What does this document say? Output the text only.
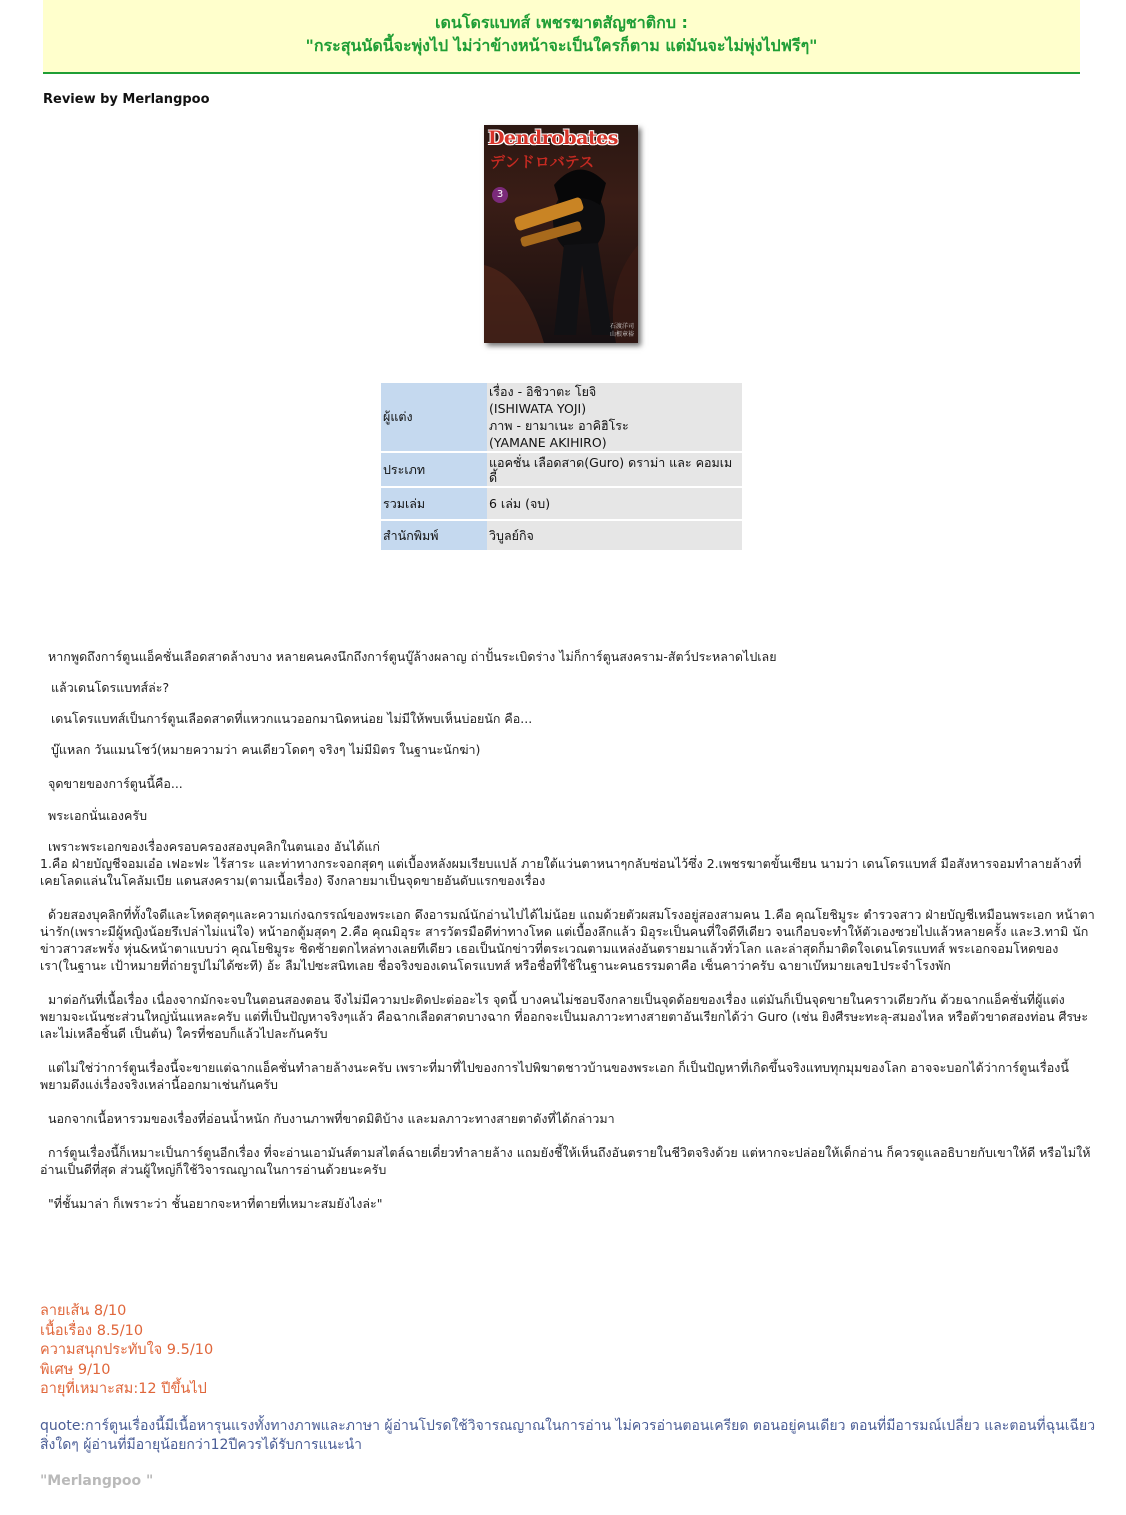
เดนโดรแบทส์ เพชรฆาตสัญชาติกบ :
"กระสุนนัดนี้จะพุ่งไป ไม่ว่าข้างหน้าจะเป็นใครก็ตาม แต่มันจะไม่พุ่งไปฟรีๆ"
Review by Merlangpoo
Dendrobates
デンドロバテス
3
石渡洋司
山根章裕
ผู้แต่ง	เรื่อง - อิชิวาตะ โยจิ
(ISHIWATA YOJI)
ภาพ - ยามาเนะ อาคิฮิโระ
(YAMANE AKIHIRO)

ประเภท	แอคชั่น เลือดสาด(Guro) ดราม่า และ คอมเมดี้
รวมเล่ม	6 เล่ม (จบ)
สำนักพิมพ์	วิบูลย์กิจ

หากพูดถึงการ์ตูนแอ็คชั่นเลือดสาดล้างบาง หลายคนคงนึกถึงการ์ตูนบู๊ล้างผลาญ ถ่าปั้นระเบิดร่าง ไม่ก็การ์ตูนสงคราม-สัตว์ประหลาดไปเลย

แล้วเดนโดรแบทส์ล่ะ?

เดนโดรแบทส์เป็นการ์ตูนเลือดสาดที่แหวกแนวออกมานิดหน่อย ไม่มีให้พบเห็นบ่อยนัก คือ...

บู๊แหลก วันแมนโชว์(หมายความว่า คนเดียวโดดๆ จริงๆ ไม่มีมิตร ในฐานะนักฆ่า)

จุดขายของการ์ตูนนี้คือ...

พระเอกนั่นเองครับ

เพราะพระเอกของเรื่องครอบครองสองบุคลิกในตนเอง อันได้แก่

1.คือ ฝ่ายบัญชีจอมเอ๋อ เฟอะฟะ ไร้สาระ และท่าทางกระจอกสุดๆ แต่เบื้องหลังผมเรียบแปล้ ภายใต้แว่นตาหนาๆกลับซ่อนไว้ซึ่ง 2.เพชรฆาตขั้นเซียน นามว่า เดนโดรแบทส์ มือสังหารจอมทำลายล้างที่เคยโลดแล่นในโคลัมเบีย แดนสงคราม(ตามเนื้อเรื่อง) จึงกลายมาเป็นจุดขายอันดับแรกของเรื่อง

ด้วยสองบุคลิกที่ทั้งใจดีและโหดสุดๆและความเก่งฉกรรณ์ของพระเอก ดึงอารมณ์นักอ่านไปได้ไม่น้อย แถมด้วยตัวผสมโรงอยู่สองสามคน 1.คือ คุณโยชิมูระ ตำรวจสาว ฝ่ายบัญชีเหมือนพระเอก หน้าตาน่ารัก(เพราะมีผู้หญิงน้อยรึเปล่าไม่แน่ใจ) หน้าอกตู้มสุดๆ 2.คือ คุณมิอุระ สารวัตรมือดีท่าทางโหด แต่เบื้องลึกแล้ว มิอุระเป็นคนที่ใจดีทีเดียว จนเกือบจะทำให้ตัวเองซวยไปแล้วหลายครั้ง และ3.ทามิ นักข่าวสาวสะพรั่ง หุ่น&หน้าตาแบบว่า คุณโยชิมูระ ชิดซ้ายตกไหล่ทางเลยทีเดียว เธอเป็นนักข่าวที่ตระเวณตามแหล่งอันตรายมาแล้วทั่วโลก และล่าสุดก็มาติดใจเดนโดรแบทส์ พระเอกจอมโหดของเรา(ในฐานะ เป้าหมายที่ถ่ายรูปไม่ได้ซะที) อ้ะ ลืมไปซะสนิทเลย ชื่อจริงของเดนโดรแบทส์ หรือชื่อที่ใช้ในฐานะคนธรรมดาคือ เซ็นคาว่าครับ ฉายาเบ๊หมายเลข1ประจำโรงพัก

มาต่อกันที่เนื้อเรื่อง เนื่องจากมักจะจบในตอนสองตอน จึงไม่มีความปะติดปะต่ออะไร จุดนี้ บางคนไม่ชอบจึงกลายเป็นจุดด้อยของเรื่อง แต่มันก็เป็นจุดขายในคราวเดียวกัน ด้วยฉากแอ็คชั่นที่ผู้แต่งพยามจะเน้นซะส่วนใหญ่นั่นแหละครับ แต่ที่เป็นปัญหาจริงๆแล้ว คือฉากเลือดสาดบางฉาก ที่ออกจะเป็นมลภาวะทางสายตาอันเรียกได้ว่า Guro (เช่น ยิงศีรษะทะลุ-สมองไหล หรือตัวขาดสองท่อน ศีรษะเละไม่เหลือชิ้นดี เป็นต้น) ใครที่ชอบก็แล้วไปละกันครับ

แต่ไม่ใช่ว่าการ์ตูนเรื่องนี้จะขายแต่ฉากแอ็คชั่นทำลายล้างนะครับ เพราะที่มาที่ไปของการไปพิฆาตชาวบ้านของพระเอก ก็เป็นปัญหาที่เกิดขึ้นจริงแทบทุกมุมของโลก อาจจะบอกได้ว่าการ์ตูนเรื่องนี้พยามดึงแง่เรื่องจริงเหล่านี้ออกมาเช่นกันครับ

นอกจากเนื้อหารวมของเรื่องที่อ่อนน้ำหนัก กับงานภาพที่ขาดมิติบ้าง และมลภาวะทางสายตาดังที่ได้กล่าวมา

การ์ตูนเรื่องนี้ก็เหมาะเป็นการ์ตูนอีกเรื่อง ที่จะอ่านเอามันส์ตามสไตล์ฉายเดี่ยวทำลายล้าง แถมยังชี้ให้เห็นถึงอันตรายในชีวิตจริงด้วย แต่หากจะปล่อยให้เด็กอ่าน ก็ควรดูแลอธิบายกับเขาให้ดี หรือไม่ให้อ่านเป็นดีที่สุด ส่วนผู้ใหญ่ก็ใช้วิจารณญาณในการอ่านด้วยนะครับ

"ที่ชั้นมาล่า ก็เพราะว่า ชั้นอยากจะหาที่ตายที่เหมาะสมยังไงล่ะ"

ลายเส้น 8/10
เนื้อเรื่อง 8.5/10
ความสนุกประทับใจ 9.5/10
พิเศษ 9/10
อายุที่เหมาะสม:12 ปีขึ้นไป
quote:การ์ตูนเรื่องนี้มีเนื้อหารุนแรงทั้งทางภาพและภาษา ผู้อ่านโปรดใช้วิจารณญาณในการอ่าน ไม่ควรอ่านตอนเครียด ตอนอยู่คนเดียว ตอนที่มีอารมณ์เปลี่ยว และตอนที่ฉุนเฉียวสิ่งใดๆ ผู้อ่านที่มีอายุน้อยกว่า12ปีควรได้รับการแนะนำ
"Merlangpoo "
